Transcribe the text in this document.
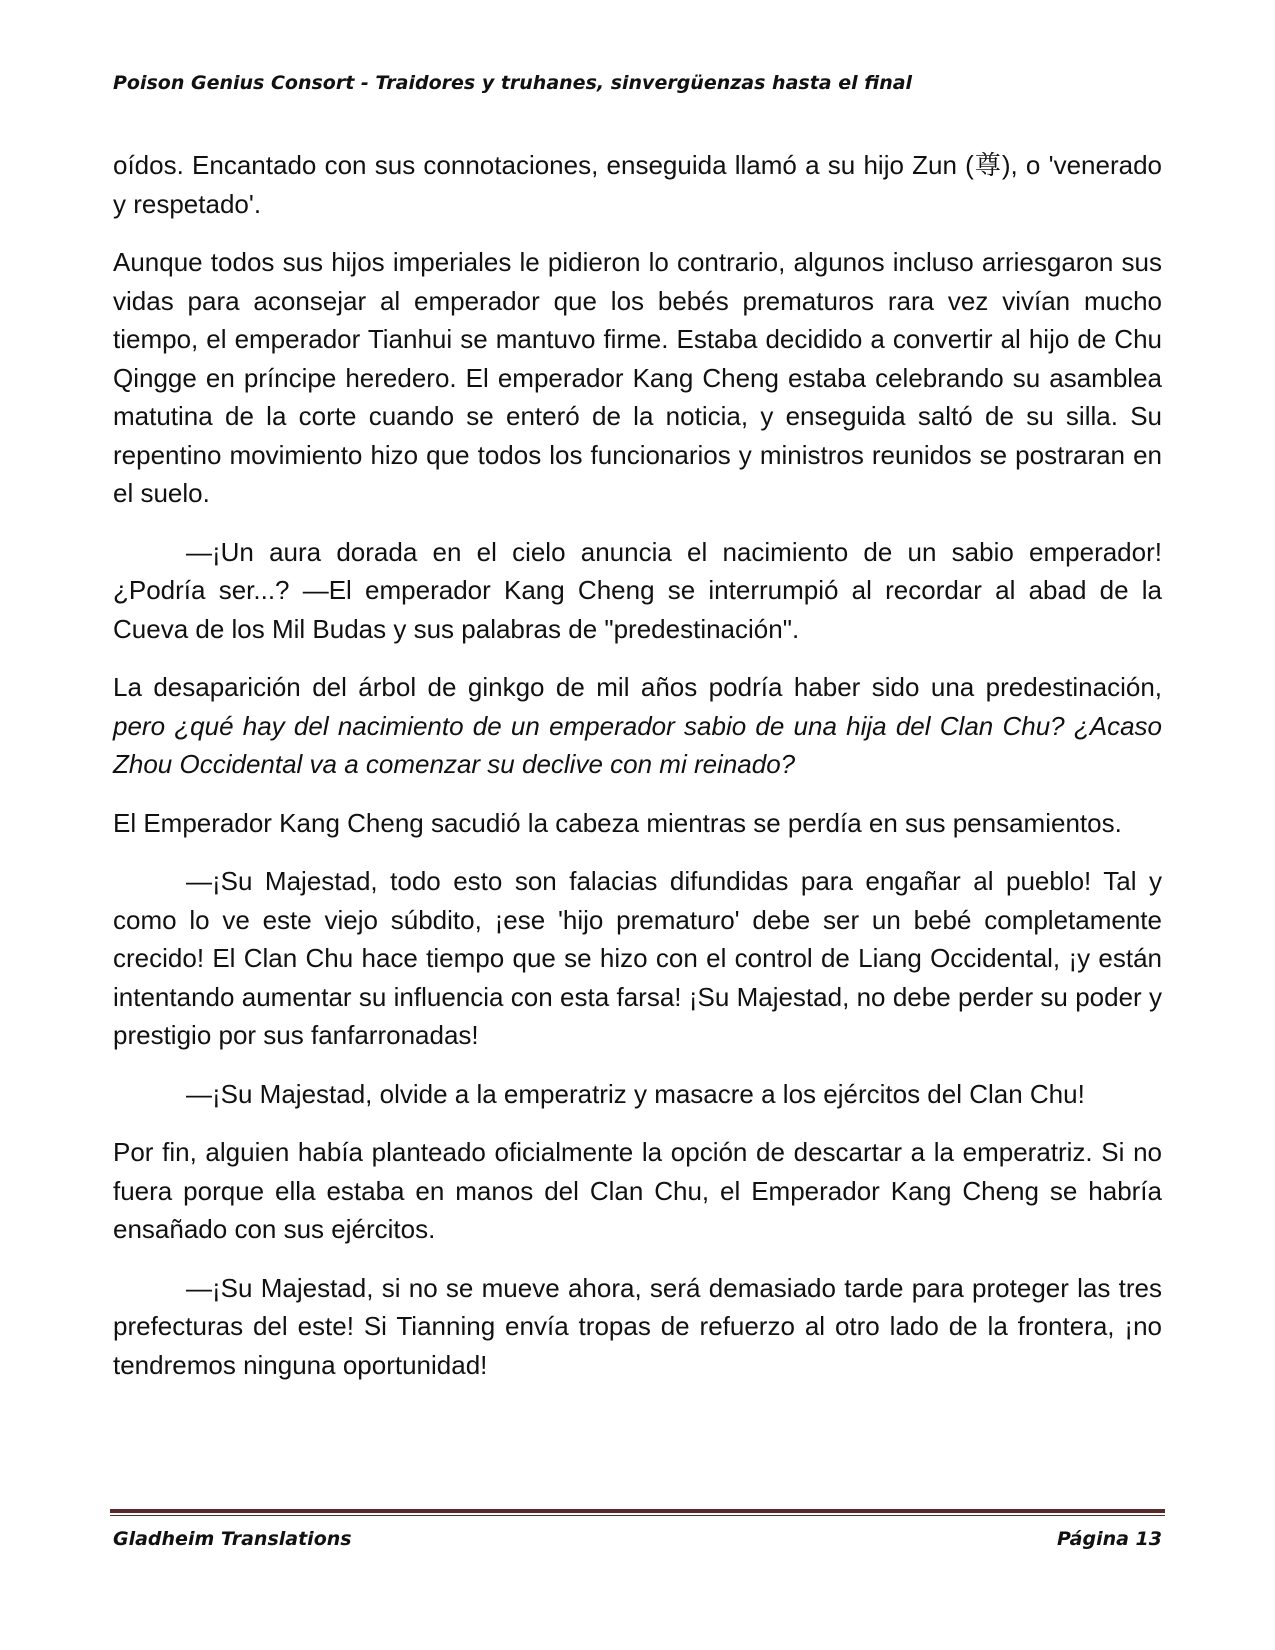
Poison Genius Consort - Traidores y truhanes, sinvergüenzas hasta el final

oídos. Encantado con sus connotaciones, enseguida llamó a su hijo Zun (尊), o 'venerado y respetado'.

Aunque todos sus hijos imperiales le pidieron lo contrario, algunos incluso arriesgaron sus vidas para aconsejar al emperador que los bebés prematuros rara vez vivían mucho tiempo, el emperador Tianhui se mantuvo firme. Estaba decidido a convertir al hijo de Chu Qingge en príncipe heredero. El emperador Kang Cheng estaba celebrando su asamblea matutina de la corte cuando se enteró de la noticia, y enseguida saltó de su silla. Su repentino movimiento hizo que todos los funcionarios y ministros reunidos se postraran en el suelo.

—¡Un aura dorada en el cielo anuncia el nacimiento de un sabio emperador! ¿Podría ser...? —El emperador Kang Cheng se interrumpió al recordar al abad de la Cueva de los Mil Budas y sus palabras de "predestinación".

La desaparición del árbol de ginkgo de mil años podría haber sido una predestinación, pero ¿qué hay del nacimiento de un emperador sabio de una hija del Clan Chu? ¿Acaso Zhou Occidental va a comenzar su declive con mi reinado?

El Emperador Kang Cheng sacudió la cabeza mientras se perdía en sus pensamientos.

—¡Su Majestad, todo esto son falacias difundidas para engañar al pueblo! Tal y como lo ve este viejo súbdito, ¡ese 'hijo prematuro' debe ser un bebé completamente crecido! El Clan Chu hace tiempo que se hizo con el control de Liang Occidental, ¡y están intentando aumentar su influencia con esta farsa! ¡Su Majestad, no debe perder su poder y prestigio por sus fanfarronadas!

—¡Su Majestad, olvide a la emperatriz y masacre a los ejércitos del Clan Chu!

Por fin, alguien había planteado oficialmente la opción de descartar a la emperatriz. Si no fuera porque ella estaba en manos del Clan Chu, el Emperador Kang Cheng se habría ensañado con sus ejércitos.

—¡Su Majestad, si no se mueve ahora, será demasiado tarde para proteger las tres prefecturas del este! Si Tianning envía tropas de refuerzo al otro lado de la frontera, ¡no tendremos ninguna oportunidad!

Gladheim Translations	Página 13
